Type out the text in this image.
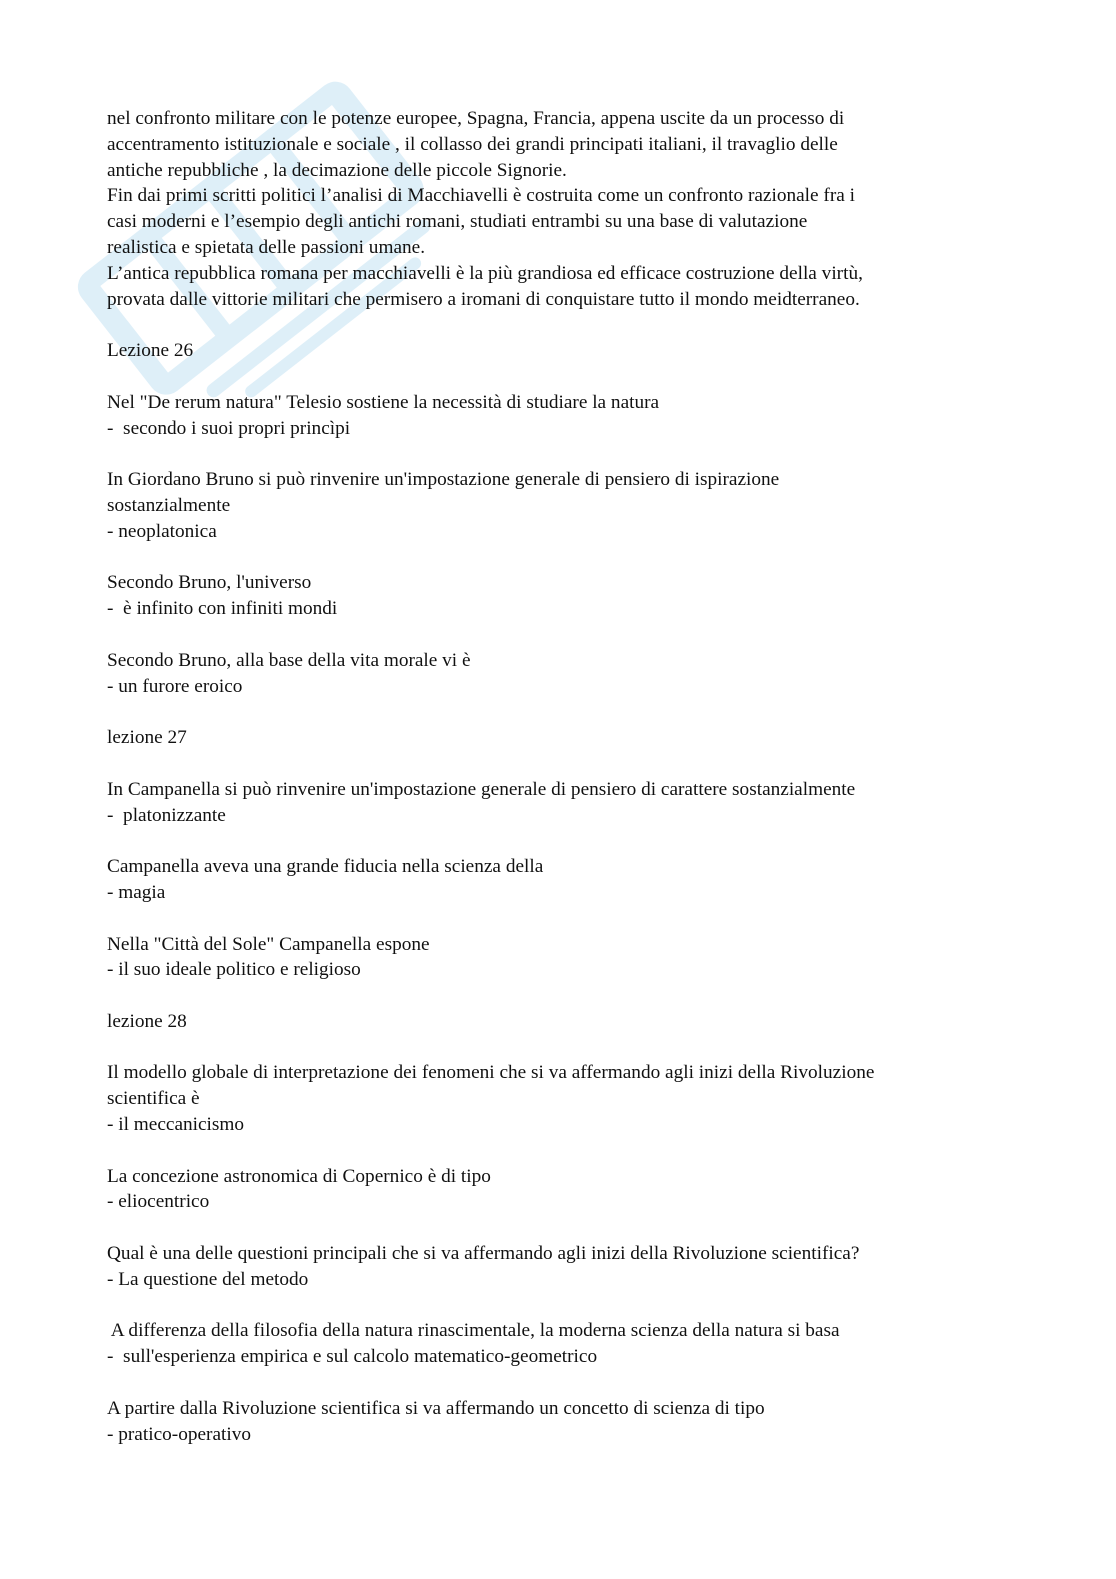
nel confronto militare con le potenze europee, Spagna, Francia, appena uscite da un processo di
accentramento istituzionale e sociale , il collasso dei grandi principati italiani, il travaglio delle
antiche repubbliche , la decimazione delle piccole Signorie.
Fin dai primi scritti politici l’analisi di Macchiavelli è costruita come un confronto razionale fra i
casi moderni e l’esempio degli antichi romani, studiati entrambi su una base di valutazione
realistica e spietata delle passioni umane.
L’antica repubblica romana per macchiavelli è la più grandiosa ed efficace costruzione della virtù,
provata dalle vittorie militari che permisero a iromani di conquistare tutto il mondo meidterraneo.
Lezione 26
Nel "De rerum natura" Telesio sostiene la necessità di studiare la natura
-  secondo i suoi propri princìpi
In Giordano Bruno si può rinvenire un'impostazione generale di pensiero di ispirazione
sostanzialmente
- neoplatonica
Secondo Bruno, l'universo
-  è infinito con infiniti mondi
Secondo Bruno, alla base della vita morale vi è
- un furore eroico
lezione 27
In Campanella si può rinvenire un'impostazione generale di pensiero di carattere sostanzialmente
-  platonizzante
Campanella aveva una grande fiducia nella scienza della
- magia
Nella "Città del Sole" Campanella espone
- il suo ideale politico e religioso
lezione 28
Il modello globale di interpretazione dei fenomeni che si va affermando agli inizi della Rivoluzione
scientifica è
- il meccanicismo
La concezione astronomica di Copernico è di tipo
- eliocentrico
Qual è una delle questioni principali che si va affermando agli inizi della Rivoluzione scientifica?
- La questione del metodo
A differenza della filosofia della natura rinascimentale, la moderna scienza della natura si basa
-  sull'esperienza empirica e sul calcolo matematico-geometrico
A partire dalla Rivoluzione scientifica si va affermando un concetto di scienza di tipo
- pratico-operativo
